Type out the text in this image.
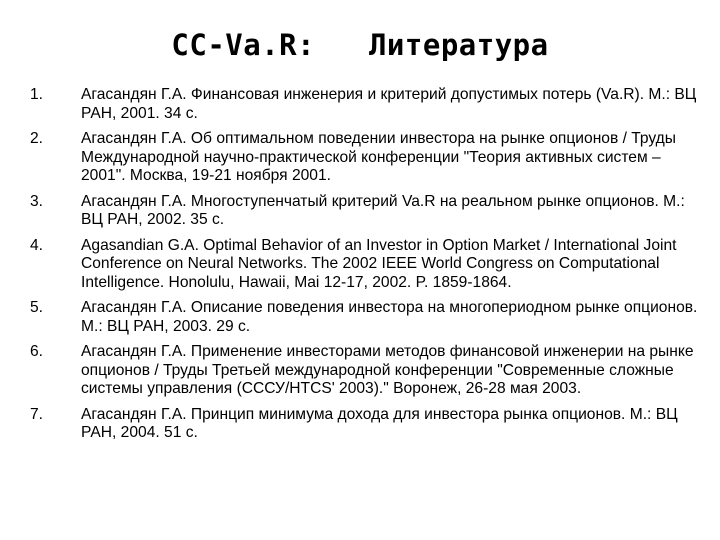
CC-Va.R:   Литература
1.	Агасандян Г.А. Финансовая инженерия и критерий допустимых потерь (Va.R). М.: ВЦ РАН, 2001. 34 с.
2.	Агасандян Г.А. Об оптимальном поведении инвестора на рынке опционов / Труды Международной научно-практической конференции "Теория активных систем – 2001". Москва, 19-21 ноября 2001.
3.	Агасандян Г.А. Многоступенчатый критерий Va.R на реальном рынке опционов. М.: ВЦ РАН, 2002. 35 с.
4.	Agasandian G.A. Optimal Behavior of an Investor in Option Market / International Joint Conference on Neural Networks. The 2002 IEEE World Congress on Computational Intelligence. Honolulu, Hawaii, Mai 12-17, 2002. P. 1859-1864.
5.	Агасандян Г.А. Описание поведения инвестора на многопериодном рынке опционов. М.: ВЦ РАН, 2003. 29 с.
6.	Агасандян Г.А. Применение инвесторами методов финансовой инженерии на рынке опционов / Труды Третьей международной конференции "Современные сложные системы управления (СССУ/HTCS' 2003)." Воронеж, 26-28 мая 2003.
7.	Агасандян Г.А. Принцип минимума дохода для инвестора рынка опционов. М.: ВЦ РАН, 2004. 51 с.
